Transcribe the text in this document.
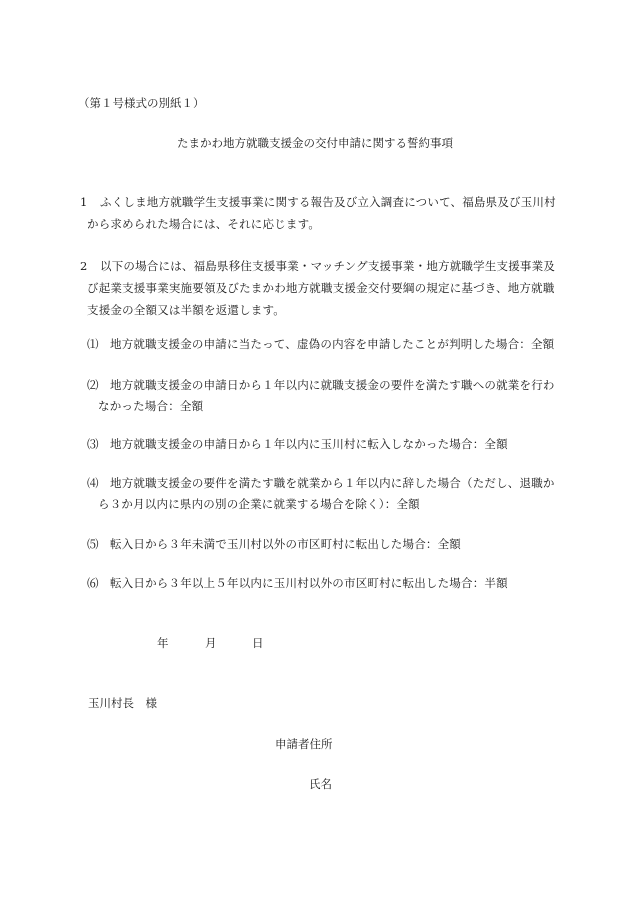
（第１号様式の別紙１）
たまかわ地方就職支援金の交付申請に関する誓約事項
1 ふくしま地方就職学生支援事業に関する報告及び立入調査について、福島県及び玉川村
から求められた場合には、それに応じます。
2 以下の場合には、福島県移住支援事業・マッチング支援事業・地方就職学生支援事業及
び起業支援事業実施要領及びたまかわ地方就職支援金交付要綱の規定に基づき、地方就職
支援金の全額又は半額を返還します。
⑴ 地方就職支援金の申請に当たって、虚偽の内容を申請したことが判明した場合：全額
⑵ 地方就職支援金の申請日から１年以内に就職支援金の要件を満たす職への就業を行わ
なかった場合：全額
⑶ 地方就職支援金の申請日から１年以内に玉川村に転入しなかった場合：全額
⑷ 地方就職支援金の要件を満たす職を就業から１年以内に辞した場合（ただし、退職か
ら３か月以内に県内の別の企業に就業する場合を除く）：全額
⑸ 転入日から３年未満で玉川村以外の市区町村に転出した場合：全額
⑹ 転入日から３年以上５年以内に玉川村以外の市区町村に転出した場合：半額
年	月	日
玉川村長　様
申請者住所
氏名
